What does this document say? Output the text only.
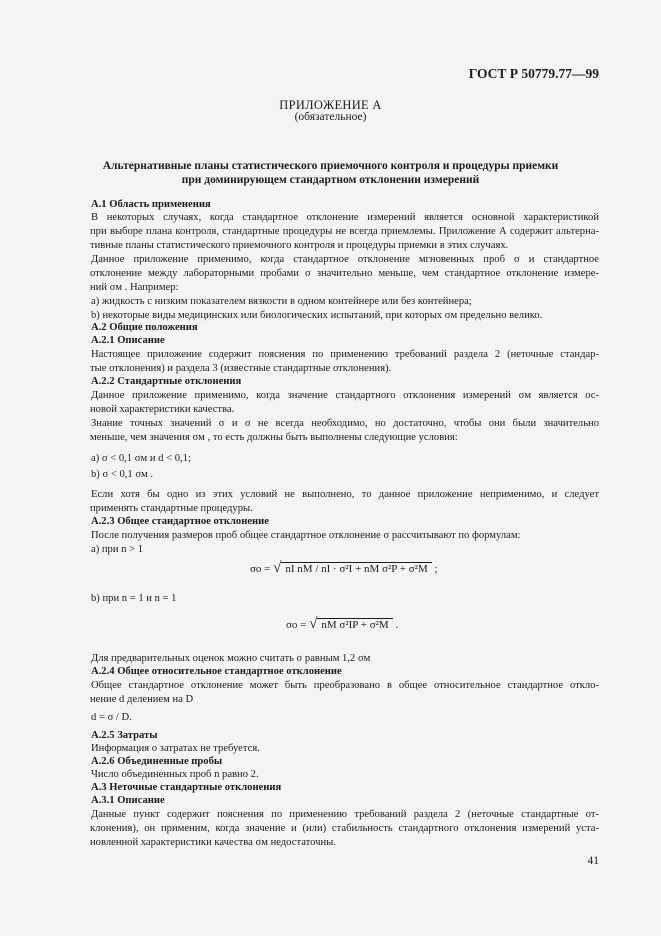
ГОСТ Р 50779.77—99
ПРИЛОЖЕНИЕ А
(обязательное)
Альтернативные планы статистического приемочного контроля и процедуры приемки
при доминирующем стандартном отклонении измерений
А.1 Область применения
В некоторых случаях, когда стандартное отклонение измерений является основной характеристикой
при выборе плана контроля, стандартные процедуры не всегда приемлемы. Приложение А содержит альтерна-
тивные планы статистического приемочного контроля и процедуры приемки в этих случаях.
Данное приложение применимо, когда стандартное отклонение мгновенных проб σ и стандартное
отклонение между лабораторными пробами σ значительно меньше, чем стандартное отклонение измере-
ний σм . Например:
а) жидкость с низким показателем вязкости в одном контейнере или без контейнера;
b) некоторые виды медицинских или биологических испытаний, при которых σм предельно велико.
А.2 Общие положения
А.2.1 Описание
Настоящее приложение содержит пояснения по применению требований раздела 2 (неточные стандар-
тые отклонения) и раздела 3 (известные стандартные отклонения).
А.2.2 Стандартные отклонения
Данное приложение применимо, когда значение стандартного отклонения измерений σм является ос-
новой характеристики качества.
Знание точных значений σ и σ не всегда необходимо, но достаточно, чтобы они были значительно
меньше, чем значения σм , то есть должны быть выполнены следующие условия:
а) σ < 0,1 σм и d < 0,1;
b) σ < 0,1 σм .
Если хотя бы одно из этих условий не выполнено, то данное приложение неприменимо, и следует
применять стандартные процедуры.
А.2.3 Общее стандартное отклонение
После получения размеров проб общее стандартное отклонение σ рассчитывают по формулам:
а) при n > 1
σо = √ nI nM / nI · σ²I + nM σ²P + σ²M ;
b) при n = 1 и n = 1
σо = √ nM σ²IP + σ²M .
Для предварительных оценок можно считать σ равным 1,2 σм
А.2.4 Общее относительное стандартное отклонение
Общее стандартное отклонение может быть преобразовано в общее относительное стандартное откло-
нение d делением на D
d = σ / D.
А.2.5 Затраты
Информация о затратах не требуется.
А.2.6 Объединенные пробы
Число объединенных проб n равно 2.
А.3 Неточные стандартные отклонения
А.3.1 Описание
Данные пункт содержит пояснения по применению требований раздела 2 (неточные стандартные от-
клонения), он применим, когда значение и (или) стабильность стандартного отклонения измерений уста-
новленной характеристики качества σм недостаточны.
41
